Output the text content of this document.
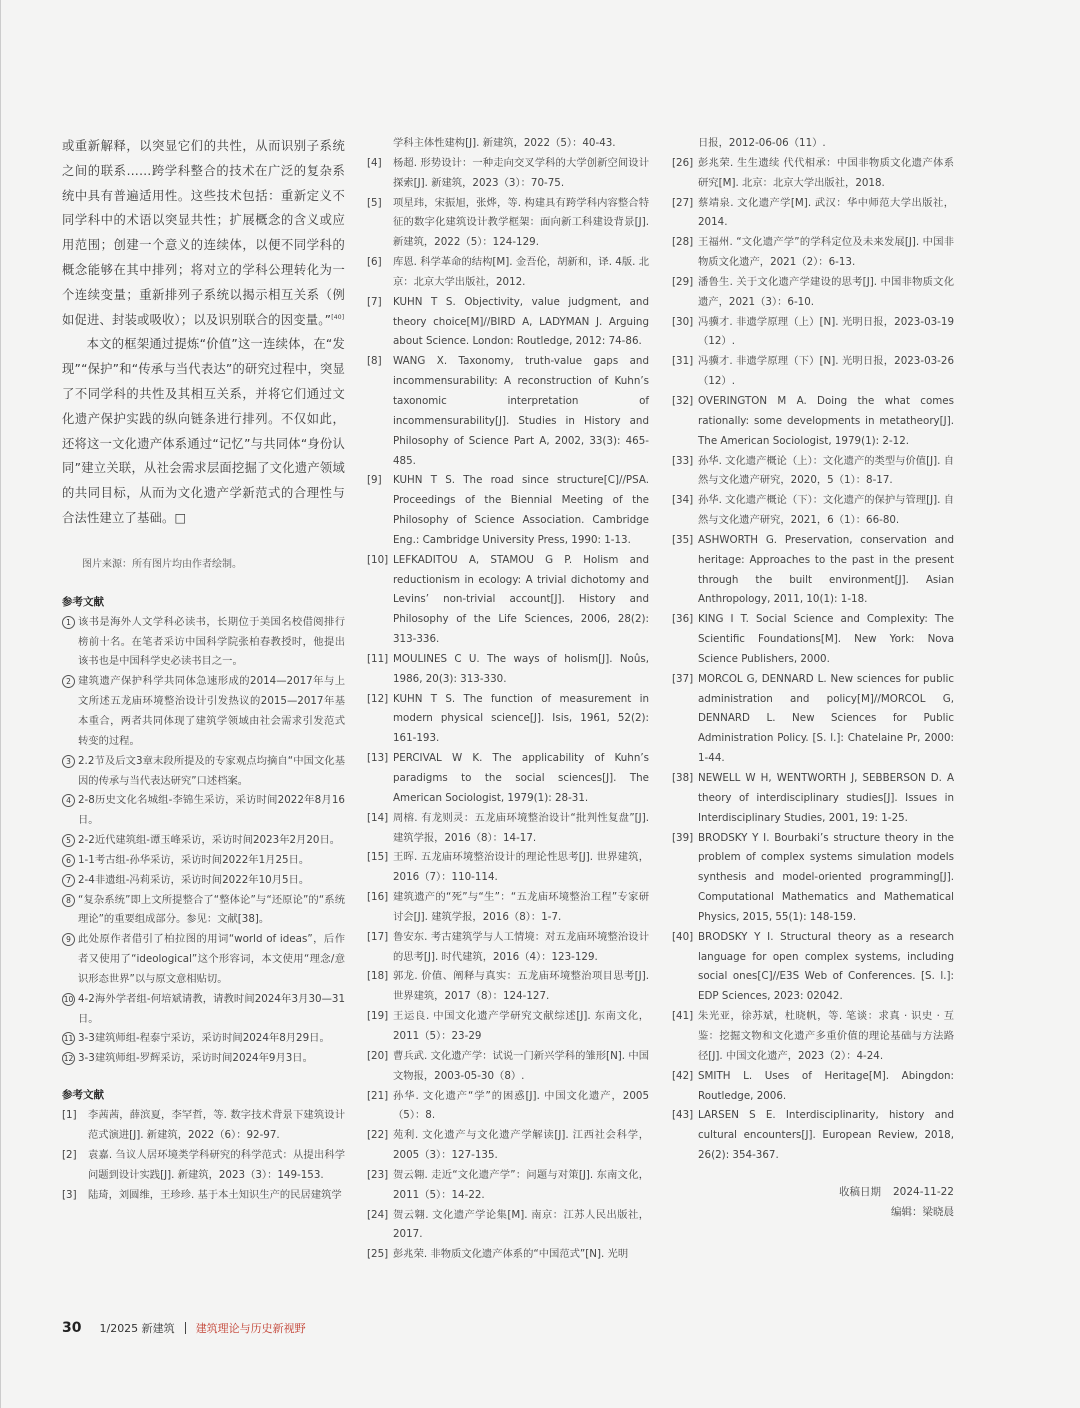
或重新解释，以突显它们的共性，从而识别子系统之间的联系……跨学科整合的技术在广泛的复杂系统中具有普遍适用性。这些技术包括：重新定义不同学科中的术语以突显共性；扩展概念的含义或应用范围；创建一个意义的连续体，以便不同学科的概念能够在其中排列；将对立的学科公理转化为一个连续变量；重新排列子系统以揭示相互关系（例如促进、封装或吸收）；以及识别联合的因变量。”[40]

本文的框架通过提炼“价值”这一连续体，在“发现”“保护”和“传承与当代表达”的研究过程中，突显了不同学科的共性及其相互关系，并将它们通过文化遗产保护实践的纵向链条进行排列。不仅如此，还将这一文化遗产体系通过“记忆”与共同体“身份认同”建立关联，从社会需求层面挖掘了文化遗产领域的共同目标，从而为文化遗产学新范式的合理性与合法性建立了基础。□

图片来源：所有图片均由作者绘制。
参考文献
1 该书是海外人文学科必读书，长期位于美国名校借阅排行榜前十名。在笔者采访中国科学院张柏春教授时，他提出该书也是中国科学史必读书目之一。
2 建筑遗产保护科学共同体急速形成的2014—2017年与上文所述五龙庙环境整治设计引发热议的2015—2017年基本重合，两者共同体现了建筑学领域由社会需求引发范式转变的过程。
3 2.2节及后文3章末段所提及的专家观点均摘自“中国文化基因的传承与当代表达研究”口述档案。
4 2-8历史文化名城组-李锦生采访，采访时间2022年8月16日。
5 2-2近代建筑组-谭玉峰采访，采访时间2023年2月20日。
6 1-1考古组-孙华采访，采访时间2022年1月25日。
7 2-4非遗组-冯莉采访，采访时间2022年10月5日。
8 “复杂系统”即上文所提整合了“整体论”与“还原论”的“系统理论”的重要组成部分。参见：文献[38]。
9 此处原作者借引了柏拉图的用词“world of ideas”，后作者又使用了“ideological”这个形容词，本文使用“理念/意识形态世界”以与原文意相贴切。
10 4-2海外学者组-何培斌请教，请教时间2024年3月30—31日。
11 3-3建筑师组-程泰宁采访，采访时间2024年8月29日。
12 3-3建筑师组-罗辉采访，采访时间2024年9月3日。
参考文献
[1] 李茜茜，薛滨夏，李罕哲，等. 数字技术背景下建筑设计范式演进[J]. 新建筑，2022（6）：92-97.
[2] 袁嘉. 刍议人居环境类学科研究的科学范式：从提出科学问题到设计实践[J]. 新建筑，2023（3）：149-153.
[3] 陆琦，刘圆维，王珍珍. 基于本土知识生产的民居建筑学
学科主体性建构[J]. 新建筑，2022（5）：40-43.
[4] 杨超. 形势设计：一种走向交叉学科的大学创新空间设计探索[J]. 新建筑，2023（3）：70-75.
[5] 项星玮，宋振旭，张烨，等. 构建具有跨学科内容整合特征的数字化建筑设计教学框架：面向新工科建设背景[J]. 新建筑，2022（5）：124-129.
[6] 库恩. 科学革命的结构[M]. 金吾伦，胡新和，译. 4版. 北京：北京大学出版社，2012.
[7] KUHN T S. Objectivity, value judgment, and theory choice[M]//BIRD A, LADYMAN J. Arguing about Science. London: Routledge, 2012: 74-86.
[8] WANG X. Taxonomy, truth-value gaps and incommensurability: A reconstruction of Kuhn’s taxonomic interpretation of incommensurability[J]. Studies in History and Philosophy of Science Part A, 2002, 33(3): 465-485.
[9] KUHN T S. The road since structure[C]//PSA. Proceedings of the Biennial Meeting of the Philosophy of Science Association. Cambridge Eng.: Cambridge University Press, 1990: 1-13.
[10] LEFKADITOU A, STAMOU G P. Holism and reductionism in ecology: A trivial dichotomy and Levins’ non-trivial account[J]. History and Philosophy of the Life Sciences, 2006, 28(2): 313-336.
[11] MOULINES C U. The ways of holism[J]. Noûs, 1986, 20(3): 313-330.
[12] KUHN T S. The function of measurement in modern physical science[J]. Isis, 1961, 52(2): 161-193.
[13] PERCIVAL W K. The applicability of Kuhn’s paradigms to the social sciences[J]. The American Sociologist, 1979(1): 28-31.
[14] 周榕. 有龙则灵：五龙庙环境整治设计“批判性复盘”[J]. 建筑学报，2016（8）：14-17.
[15] 王晖. 五龙庙环境整治设计的理论性思考[J]. 世界建筑，2016（7）：110-114.
[16] 建筑遗产的“死”与“生”：“五龙庙环境整治工程”专家研讨会[J]. 建筑学报，2016（8）：1-7.
[17] 鲁安东. 考古建筑学与人工情境：对五龙庙环境整治设计的思考[J]. 时代建筑，2016（4）：123-129.
[18] 郭龙. 价值、阐释与真实：五龙庙环境整治项目思考[J]. 世界建筑，2017（8）：124-127.
[19] 王运良. 中国文化遗产学研究文献综述[J]. 东南文化，2011（5）：23-29
[20] 曹兵武. 文化遗产学：试说一门新兴学科的雏形[N]. 中国文物报，2003-05-30（8）.
[21] 孙华. 文化遗产“学”的困惑[J]. 中国文化遗产，2005（5）：8.
[22] 苑利. 文化遗产与文化遗产学解读[J]. 江西社会科学，2005（3）：127-135.
[23] 贺云翱. 走近“文化遗产学”：问题与对策[J]. 东南文化，2011（5）：14-22.
[24] 贺云翱. 文化遗产学论集[M]. 南京：江苏人民出版社，2017.
[25] 彭兆荣. 非物质文化遗产体系的“中国范式”[N]. 光明
日报，2012-06-06（11）.
[26] 彭兆荣. 生生遗续 代代相承：中国非物质文化遗产体系研究[M]. 北京：北京大学出版社，2018.
[27] 蔡靖泉. 文化遗产学[M]. 武汉：华中师范大学出版社，2014.
[28] 王福州. “文化遗产学”的学科定位及未来发展[J]. 中国非物质文化遗产，2021（2）：6-13.
[29] 潘鲁生. 关于文化遗产学建设的思考[J]. 中国非物质文化遗产，2021（3）：6-10.
[30] 冯骥才. 非遗学原理（上）[N]. 光明日报，2023-03-19（12）.
[31] 冯骥才. 非遗学原理（下）[N]. 光明日报，2023-03-26（12）.
[32] OVERINGTON M A. Doing the what comes rationally: some developments in metatheory[J]. The American Sociologist, 1979(1): 2-12.
[33] 孙华. 文化遗产概论（上）：文化遗产的类型与价值[J]. 自然与文化遗产研究，2020，5（1）：8-17.
[34] 孙华. 文化遗产概论（下）：文化遗产的保护与管理[J]. 自然与文化遗产研究，2021，6（1）：66-80.
[35] ASHWORTH G. Preservation, conservation and heritage: Approaches to the past in the present through the built environment[J]. Asian Anthropology, 2011, 10(1): 1-18.
[36] KING I T. Social Science and Complexity: The Scientific Foundations[M]. New York: Nova Science Publishers, 2000.
[37] MORCOL G, DENNARD L. New sciences for public administration and policy[M]//MORCOL G, DENNARD L. New Sciences for Public Administration Policy. [S. l.]: Chatelaine Pr, 2000: 1-44.
[38] NEWELL W H, WENTWORTH J, SEBBERSON D. A theory of interdisciplinary studies[J]. Issues in Interdisciplinary Studies, 2001, 19: 1-25.
[39] BRODSKY Y I. Bourbaki’s structure theory in the problem of complex systems simulation models synthesis and model-oriented programming[J]. Computational Mathematics and Mathematical Physics, 2015, 55(1): 148-159.
[40] BRODSKY Y I. Structural theory as a research language for open complex systems, including social ones[C]//E3S Web of Conferences. [S. l.]: EDP Sciences, 2023: 02042.
[41] 朱光亚，徐苏斌，杜晓帆，等. 笔谈：求真 · 识史 · 互鉴：挖掘文物和文化遗产多重价值的理论基础与方法路径[J]. 中国文化遗产，2023（2）：4-24.
[42] SMITH L. Uses of Heritage[M]. Abingdon: Routledge, 2006.
[43] LARSEN S E. Interdisciplinarity, history and cultural encounters[J]. European Review, 2018, 26(2): 354-367.
收稿日期 2024-11-22
编辑：梁晓晨
30 1/2025 新建筑 建筑理论与历史新视野
